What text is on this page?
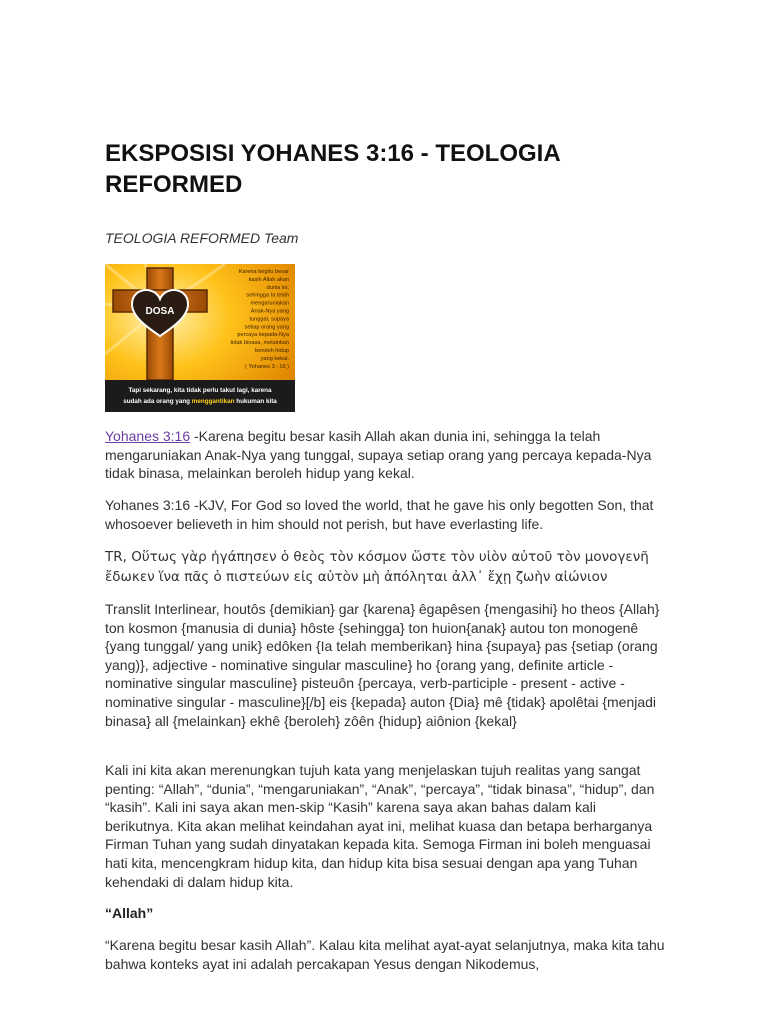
EKSPOSISI YOHANES 3:16 - TEOLOGIA REFORMED
TEOLOGIA REFORMED Team
DOSA
Karena begitu besar
kasih Allah akan
dunia ini,
sehingga Ia telah
mengaruniakan
Anak-Nya yang
tunggal, supaya
setiap orang yang
percaya kepada-Nya
tidak binasa, melainkan
beroleh hidup
yang kekal.
( Yohanes 3 : 16 )
Tapi sekarang, kita tidak perlu takut lagi, karena
sudah ada orang yang menggantikan hukuman kita

Yohanes 3:16 -Karena begitu besar kasih Allah akan dunia ini, sehingga Ia telah mengaruniakan Anak-Nya yang tunggal, supaya setiap orang yang percaya kepada-Nya tidak binasa, melainkan beroleh hidup yang kekal.

Yohanes 3:16 -KJV, For God so loved the world, that he gave his only begotten Son, that whosoever believeth in him should not perish, but have everlasting life.

TR, Οὕτως γὰρ ἠγάπησεν ὁ θεὸς τὸν κόσμον ὥστε τὸν υἱὸν αὐτοῦ τὸν μονογενῆ ἔδωκεν ἵνα πᾶς ὁ πιστεύων εἰς αὐτὸν μὴ ἀπόληται ἀλλ᾽ ἔχῃ ζωὴν αἰώνιον

Translit Interlinear, houtôs {demikian} gar {karena} êgapêsen {mengasihi} ho theos {Allah} ton kosmon {manusia di dunia} hôste {sehingga} ton huion{anak} autou ton monogenê {yang tunggal/ yang unik} edôken {Ia telah memberikan} hina {supaya} pas {setiap (orang yang)}, adjective - nominative singular masculine} ho {orang yang, definite article - nominative singular masculine} pisteuôn {percaya, verb-participle - present - active - nominative singular - masculine}[/b] eis {kepada} auton {Dia} mê {tidak} apolêtai {menjadi binasa} all {melainkan} ekhê {beroleh} zôên {hidup} aiônion {kekal}

Kali ini kita akan merenungkan tujuh kata yang menjelaskan tujuh realitas yang sangat penting: “Allah”, “dunia”, “mengaruniakan”, “Anak”, “percaya”, “tidak binasa”, “hidup”, dan “kasih”. Kali ini saya akan men-skip “Kasih” karena saya akan bahas dalam kali berikutnya. Kita akan melihat keindahan ayat ini, melihat kuasa dan betapa berharganya Firman Tuhan yang sudah dinyatakan kepada kita. Semoga Firman ini boleh menguasai hati kita, mencengkram hidup kita, dan hidup kita bisa sesuai dengan apa yang Tuhan kehendaki di dalam hidup kita.

“Allah”

“Karena begitu besar kasih Allah”. Kalau kita melihat ayat-ayat selanjutnya, maka kita tahu bahwa konteks ayat ini adalah percakapan Yesus dengan Nikodemus,
